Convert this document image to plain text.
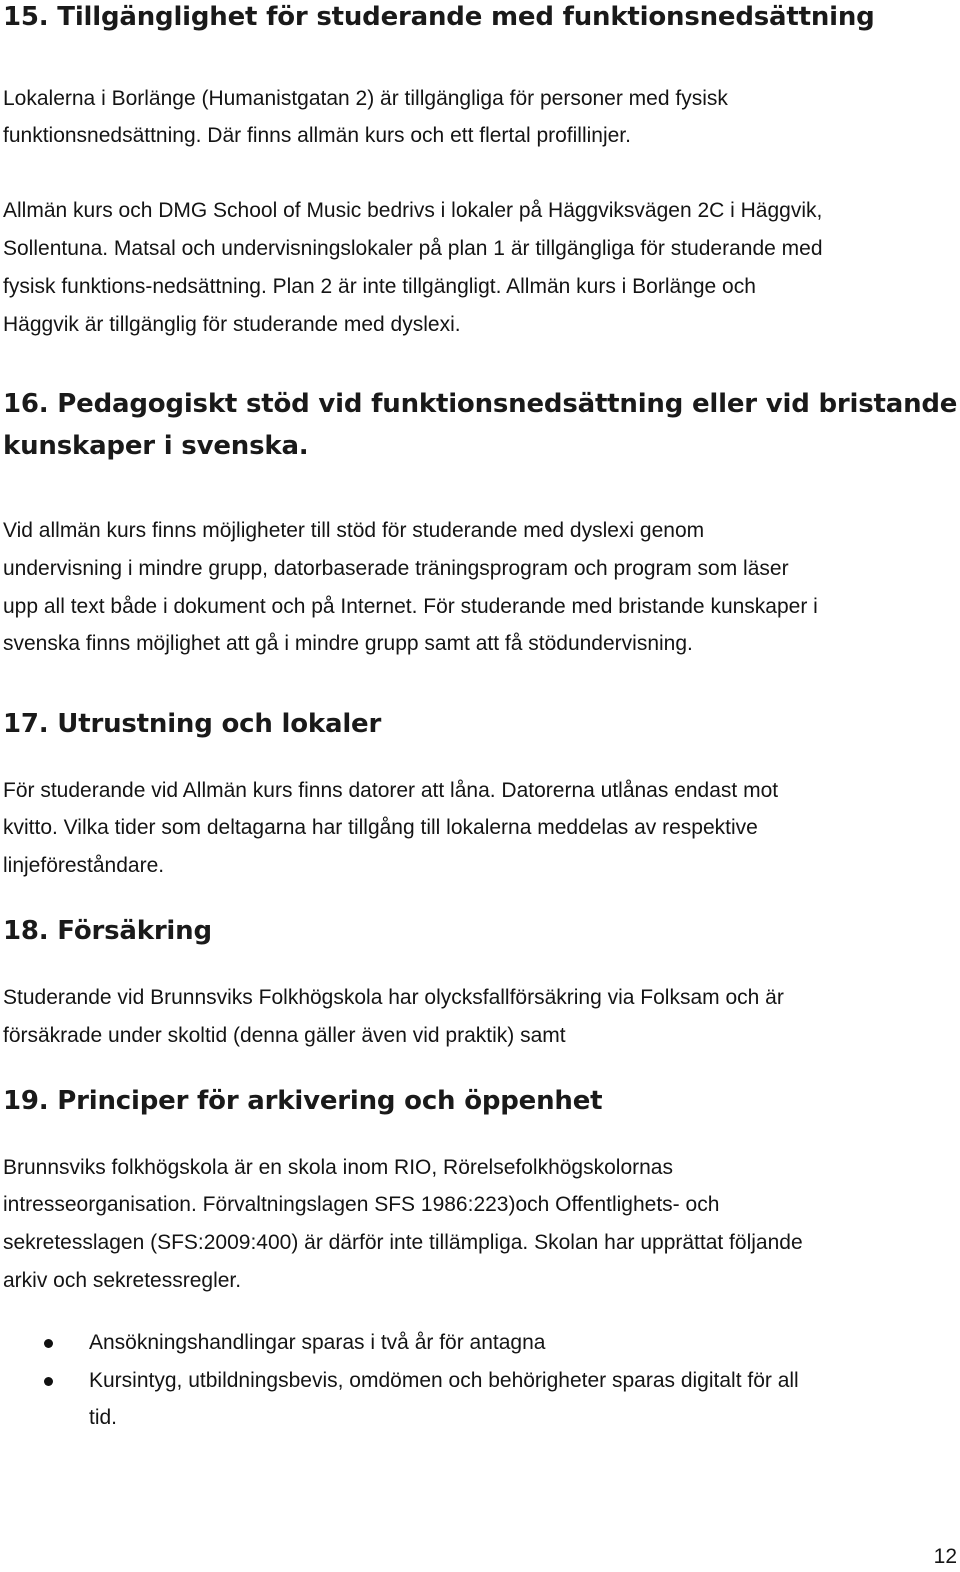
15. Tillgänglighet för studerande med funktionsnedsättning

Lokalerna i Borlänge (Humanistgatan 2) är tillgängliga för personer med fysisk

funktionsnedsättning. Där finns allmän kurs och ett flertal profillinjer.

Allmän kurs och DMG School of Music bedrivs i lokaler på Häggviksvägen 2C i Häggvik,

Sollentuna. Matsal och undervisningslokaler på plan 1 är tillgängliga för studerande med

fysisk funktions-nedsättning. Plan 2 är inte tillgängligt. Allmän kurs i Borlänge och

Häggvik är tillgänglig för studerande med dyslexi.

16. Pedagogiskt stöd vid funktionsnedsättning eller vid bristande
kunskaper i svenska.

Vid allmän kurs finns möjligheter till stöd för studerande med dyslexi genom

undervisning i mindre grupp, datorbaserade träningsprogram och program som läser

upp all text både i dokument och på Internet. För studerande med bristande kunskaper i

svenska finns möjlighet att gå i mindre grupp samt att få stödundervisning.

17. Utrustning och lokaler

För studerande vid Allmän kurs finns datorer att låna. Datorerna utlånas endast mot

kvitto. Vilka tider som deltagarna har tillgång till lokalerna meddelas av respektive

linjeföreståndare.

18. Försäkring

Studerande vid Brunnsviks Folkhögskola har olycksfallförsäkring via Folksam och är

försäkrade under skoltid (denna gäller även vid praktik) samt

19. Principer för arkivering och öppenhet

Brunnsviks folkhögskola är en skola inom RIO, Rörelsefolkhögskolornas

intresseorganisation. Förvaltningslagen SFS 1986:223)och Offentlighets- och

sekretesslagen (SFS:2009:400) är därför inte tillämpliga. Skolan har upprättat följande

arkiv och sekretessregler.

Ansökningshandlingar sparas i två år för antagna

Kursintyg, utbildningsbevis, omdömen och behörigheter sparas digitalt för all

tid.

12
